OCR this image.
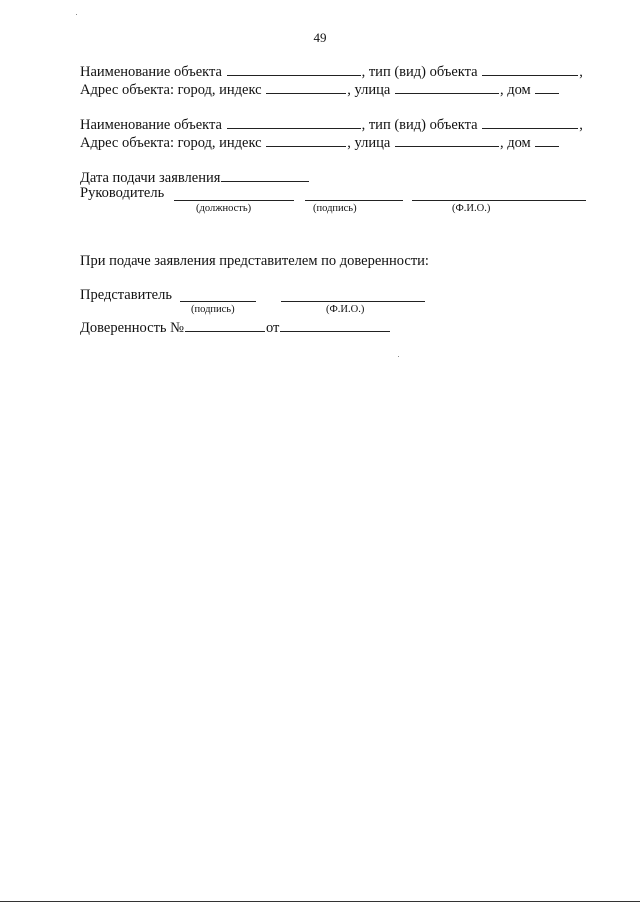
49
Наименование объекта	, тип (вид) объекта	,
Адрес объекта: город, индекс	, улица	, дом
Наименование объекта	, тип (вид) объекта	,
Адрес объекта: город, индекс	, улица	, дом
Дата подачи заявления
Руководитель
(должность)	(подпись)	(Ф.И.О.)
При подаче заявления представителем по доверенности:
Представитель
(подпись)	(Ф.И.О.)
Доверенность №	от
